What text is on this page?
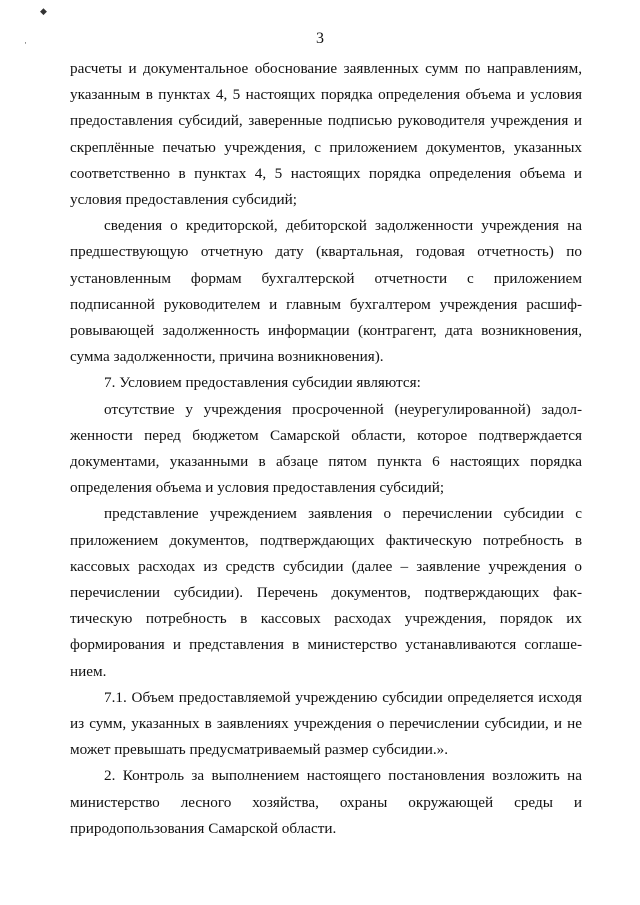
◆
·	3

расчеты и документальное обоснование заявленных сумм по направлениям, указанным в пунктах 4, 5 настоящих порядка определения объема и условия предоставления субсидий, заверенные подписью руководителя учреждения и скреплённые печатью учреждения, с приложением документов, указанных соответственно в пунктах 4, 5 настоящих порядка определения объема и условия предоставления субсидий;

сведения о кредиторской, дебиторской задолженности учреждения на предшествующую отчетную дату (квартальная, годовая отчетность) по установленным формам бухгалтерской отчетности с приложением подписанной руководителем и главным бухгалтером учреждения расшифровывающей задолженность информации (контрагент, дата возникновения, сумма задолженности, причина возникновения).

7. Условием предоставления субсидии являются:

отсутствие у учреждения просроченной (неурегулированной) задолженности перед бюджетом Самарской области, которое подтверждается документами, указанными в абзаце пятом пункта 6 настоящих порядка определения объема и условия предоставления субсидий;

представление учреждением заявления о перечислении субсидии с приложением документов, подтверждающих фактическую потребность в кассовых расходах из средств субсидии (далее – заявление учреждения о перечислении субсидии). Перечень документов, подтверждающих фактическую потребность в кассовых расходах учреждения, порядок их формирования и представления в министерство устанавливаются соглашением.

7.1. Объем предоставляемой учреждению субсидии определяется исходя из сумм, указанных в заявлениях учреждения о перечислении субсидии, и не может превышать предусматриваемый размер субсидии.».

2. Контроль за выполнением настоящего постановления возложить на министерство лесного хозяйства, охраны окружающей среды и природопользования Самарской области.
